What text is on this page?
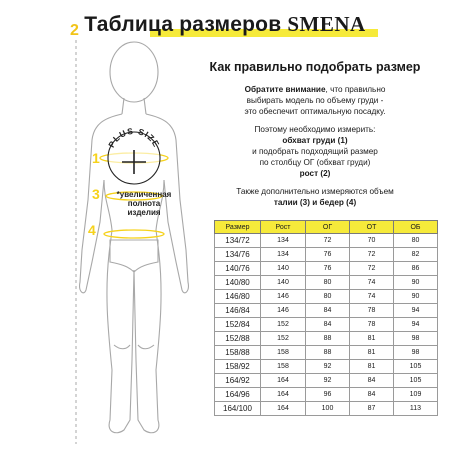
Таблица размеров SMENA
PLUS SIZE
2
1
3
4
*увеличенная
полнота
изделия
Как правильно подобрать размер
Обратите внимание, что правильно
выбирать модель по объему груди -
это обеспечит оптимальную посадку.
Поэтому необходимо измерить:
обхват груди (1)
и подобрать подходящий размер
по столбцу ОГ (обхват груди)
рост (2)
Также дополнительно измеряются объем
талии (3) и бедер (4)
Размер	Рост	ОГ	ОТ	ОБ
134/72	134	72	70	80
134/76	134	76	72	82
140/76	140	76	72	86
140/80	140	80	74	90
146/80	146	80	74	90
146/84	146	84	78	94
152/84	152	84	78	94
152/88	152	88	81	98
158/88	158	88	81	98
158/92	158	92	81	105
164/92	164	92	84	105
164/96	164	96	84	109
164/100	164	100	87	113
